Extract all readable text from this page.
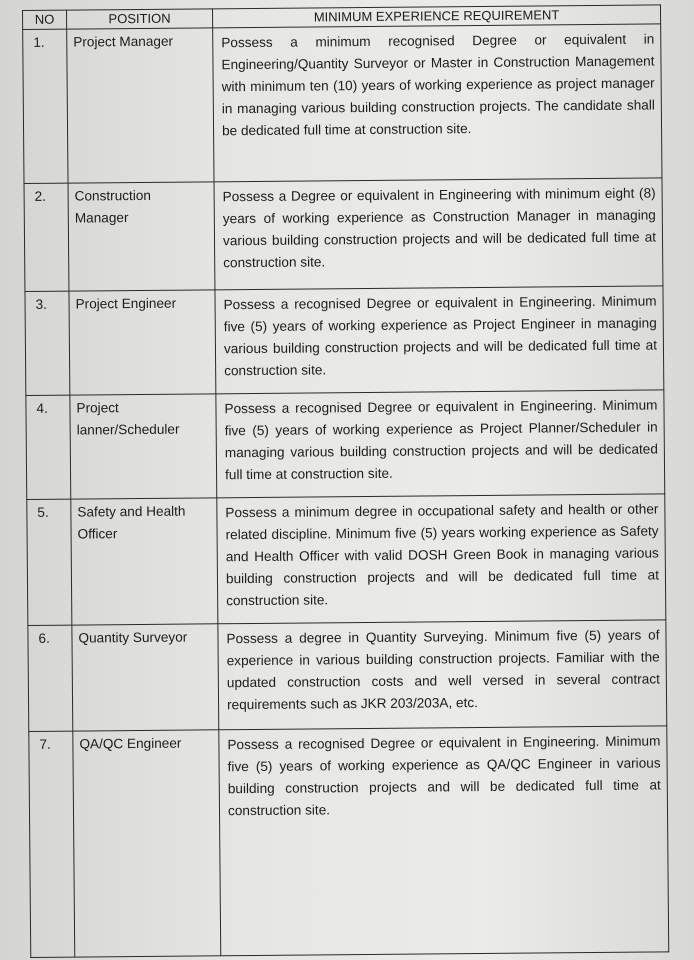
NO	POSITION	MINIMUM EXPERIENCE REQUIREMENT
1.	Project Manager	Possess a minimum recognised Degree or equivalent in Engineering/Quantity Surveyor or Master in Construction Management with minimum ten (10) years of working experience as project manager in managing various building construction projects. The candidate shall be dedicated full time at construction site.
2.	Construction Manager	Possess a Degree or equivalent in Engineering with minimum eight (8) years of working experience as Construction Manager in managing various building construction projects and will be dedicated full time at construction site.
3.	Project Engineer	Possess a recognised Degree or equivalent in Engineering. Minimum five (5) years of working experience as Project Engineer in managing various building construction projects and will be dedicated full time at construction site.
4.	Project lanner/Scheduler	Possess a recognised Degree or equivalent in Engineering. Minimum five (5) years of working experience as Project Planner/Scheduler in managing various building construction projects and will be dedicated full time at construction site.
5.	Safety and Health Officer	Possess a minimum degree in occupational safety and health or other related discipline. Minimum five (5) years working experience as Safety and Health Officer with valid DOSH Green Book in managing various building construction projects and will be dedicated full time at construction site.
6.	Quantity Surveyor	Possess a degree in Quantity Surveying. Minimum five (5) years of experience in various building construction projects. Familiar with the updated construction costs and well versed in several contract requirements such as JKR 203/203A, etc.
7.	QA/QC Engineer	Possess a recognised Degree or equivalent in Engineering. Minimum five (5) years of working experience as QA/QC Engineer in various building construction projects and will be dedicated full time at construction site.
